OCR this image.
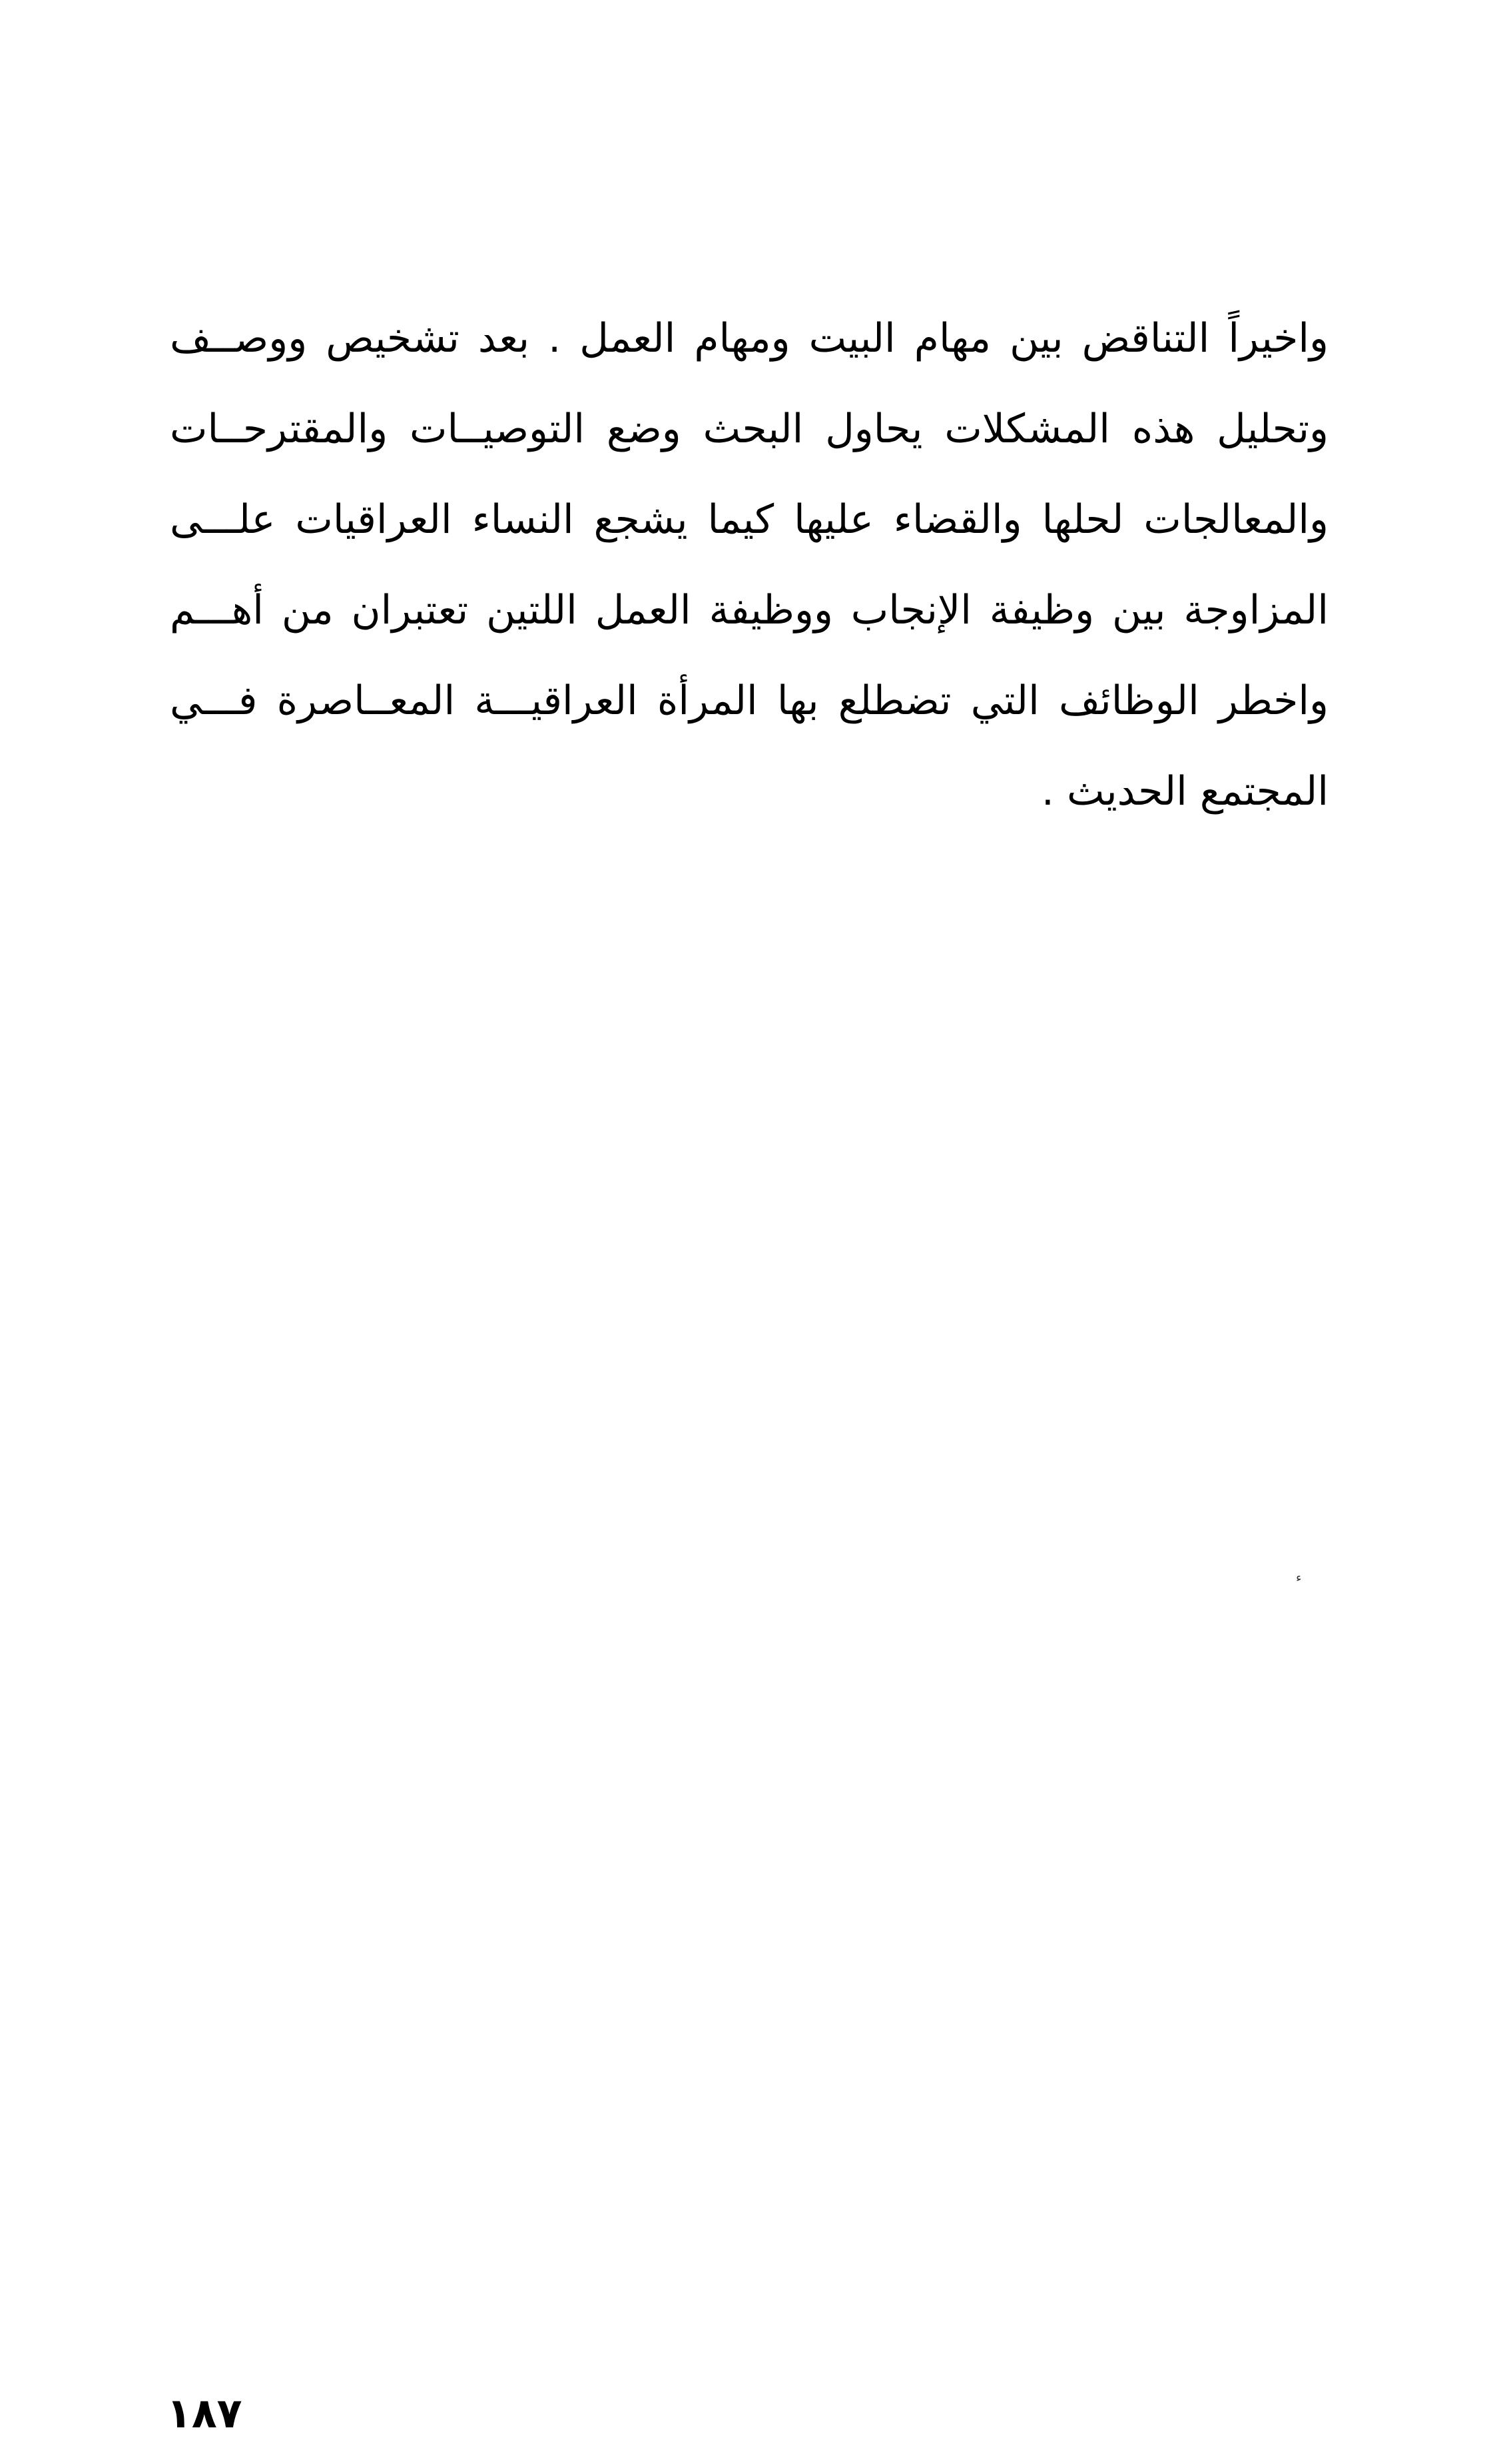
واخيراً التناقض بين مهام البيت ومهام العمل . بعد تشخيص ووصــف
وتحليل هذه المشكلات يحاول البحث وضع التوصيــات والمقترحــات
والمعالجات لحلها والقضاء عليها كيما يشجع النساء العراقيات علـــى
المزاوجة بين وظيفة الإنجاب ووظيفة العمل اللتين تعتبران من أهـــم
واخطر الوظائف التي تضطلع بها المرأة العراقيـــة المعــاصرة فـــي
المجتمع الحديث .
ء
١٨٧
